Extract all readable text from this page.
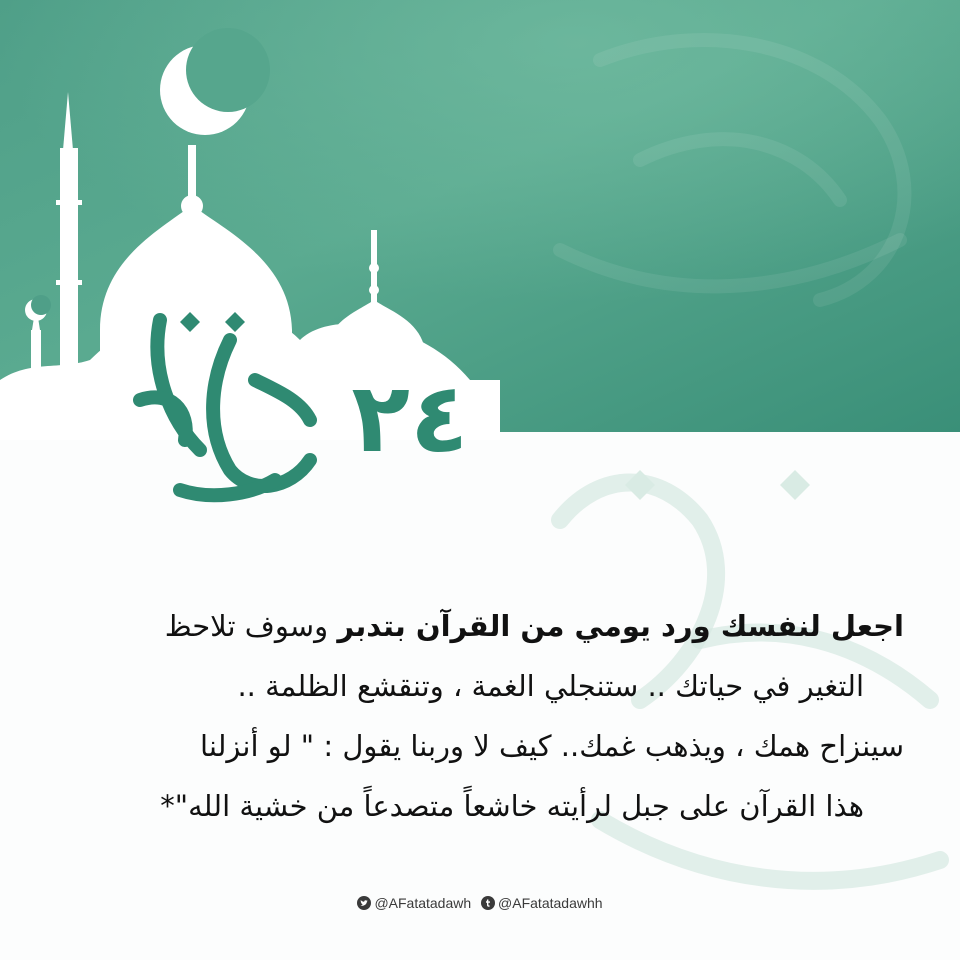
٢٤
اجعل لنفسك ورد يومي من القرآن بتدبر وسوف تلاحظ
التغير في حياتك .. ستنجلي الغمة ، وتنقشع الظلمة ..
سينزاح همك ، ويذهب غمك.. كيف لا وربنا يقول : " لو أنزلنا
هذا القرآن على جبل لرأيته خاشعاً متصدعاً من خشية الله"*
@AFatatadawh
@AFatatadawhh
